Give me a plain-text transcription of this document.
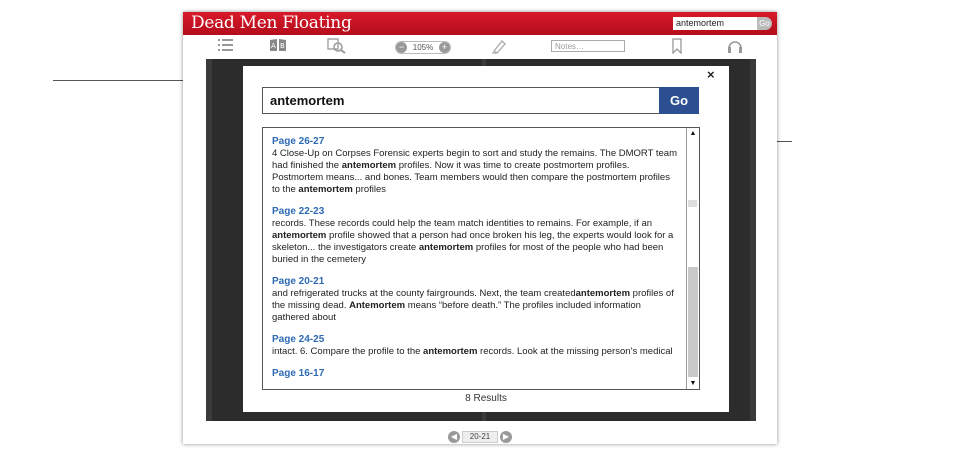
Dead Men Floating	antemortem	Go
A B	−	105% +	Notes…
◀	20-21	▶
×
antemortem	Go
Page 26-27
4 Close-Up on Corpses Forensic experts begin to sort and study the remains. The DMORT team had finished the antemortem profiles. Now it was time to create postmortem profiles. Postmortem means... and bones. Team members would then compare the postmortem profiles to the antemortem profiles
Page 22-23
records. These records could help the team match identities to remains. For example, if an antemortem profile showed that a person had once broken his leg, the experts would look for a skeleton... the investigators create antemortem profiles for most of the people who had been buried in the cemetery
Page 20-21
and refrigerated trucks at the county fairgrounds. Next, the team createdantemortem profiles of the missing dead. Antemortem means “before death.” The profiles included information gathered about
Page 24-25
intact. 6. Compare the profile to the antemortem records. Look at the missing person’s medical
Page 16-17
▲
▼
8 Results
